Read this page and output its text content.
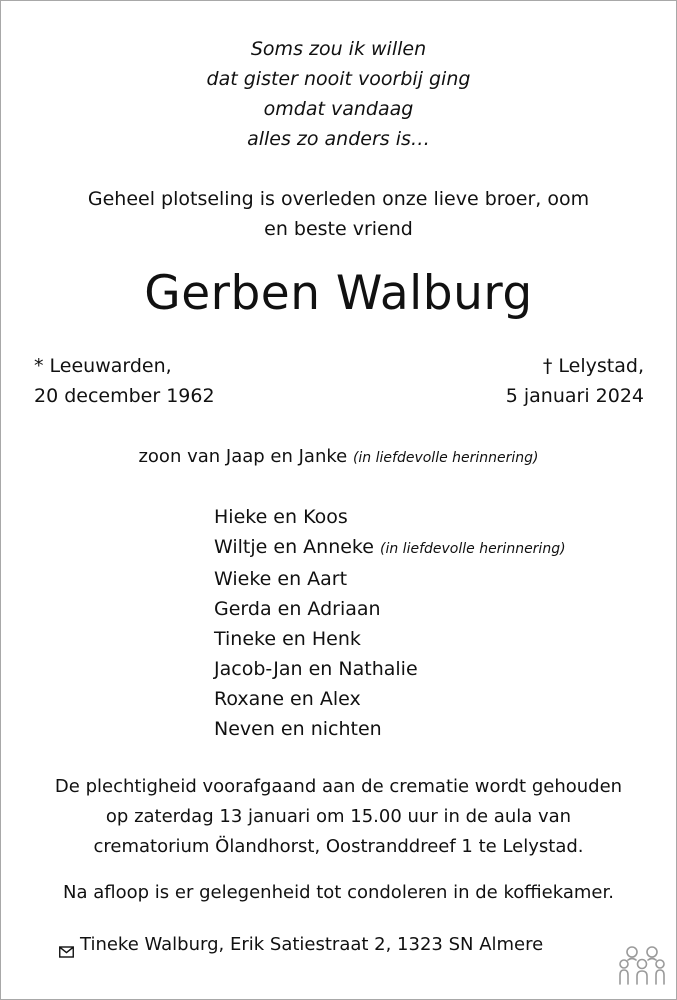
Soms zou ik willen
dat gister nooit voorbij ging
omdat vandaag
alles zo anders is…
Geheel plotseling is overleden onze lieve broer, oom
en beste vriend
Gerben Walburg
* Leeuwarden,
20 december 1962
† Lelystad,
5 januari 2024
zoon van Jaap en Janke (in liefdevolle herinnering)
Hieke en Koos
Wiltje en Anneke (in liefdevolle herinnering)
Wieke en Aart
Gerda en Adriaan
Tineke en Henk
Jacob-Jan en Nathalie
Roxane en Alex
Neven en nichten
De plechtigheid voorafgaand aan de crematie wordt gehouden
op zaterdag 13 januari om 15.00 uur in de aula van
crematorium Ölandhorst, Oostranddreef 1 te Lelystad.
Na afloop is er gelegenheid tot condoleren in de koffiekamer.
Tineke Walburg, Erik Satiestraat 2, 1323 SN Almere
